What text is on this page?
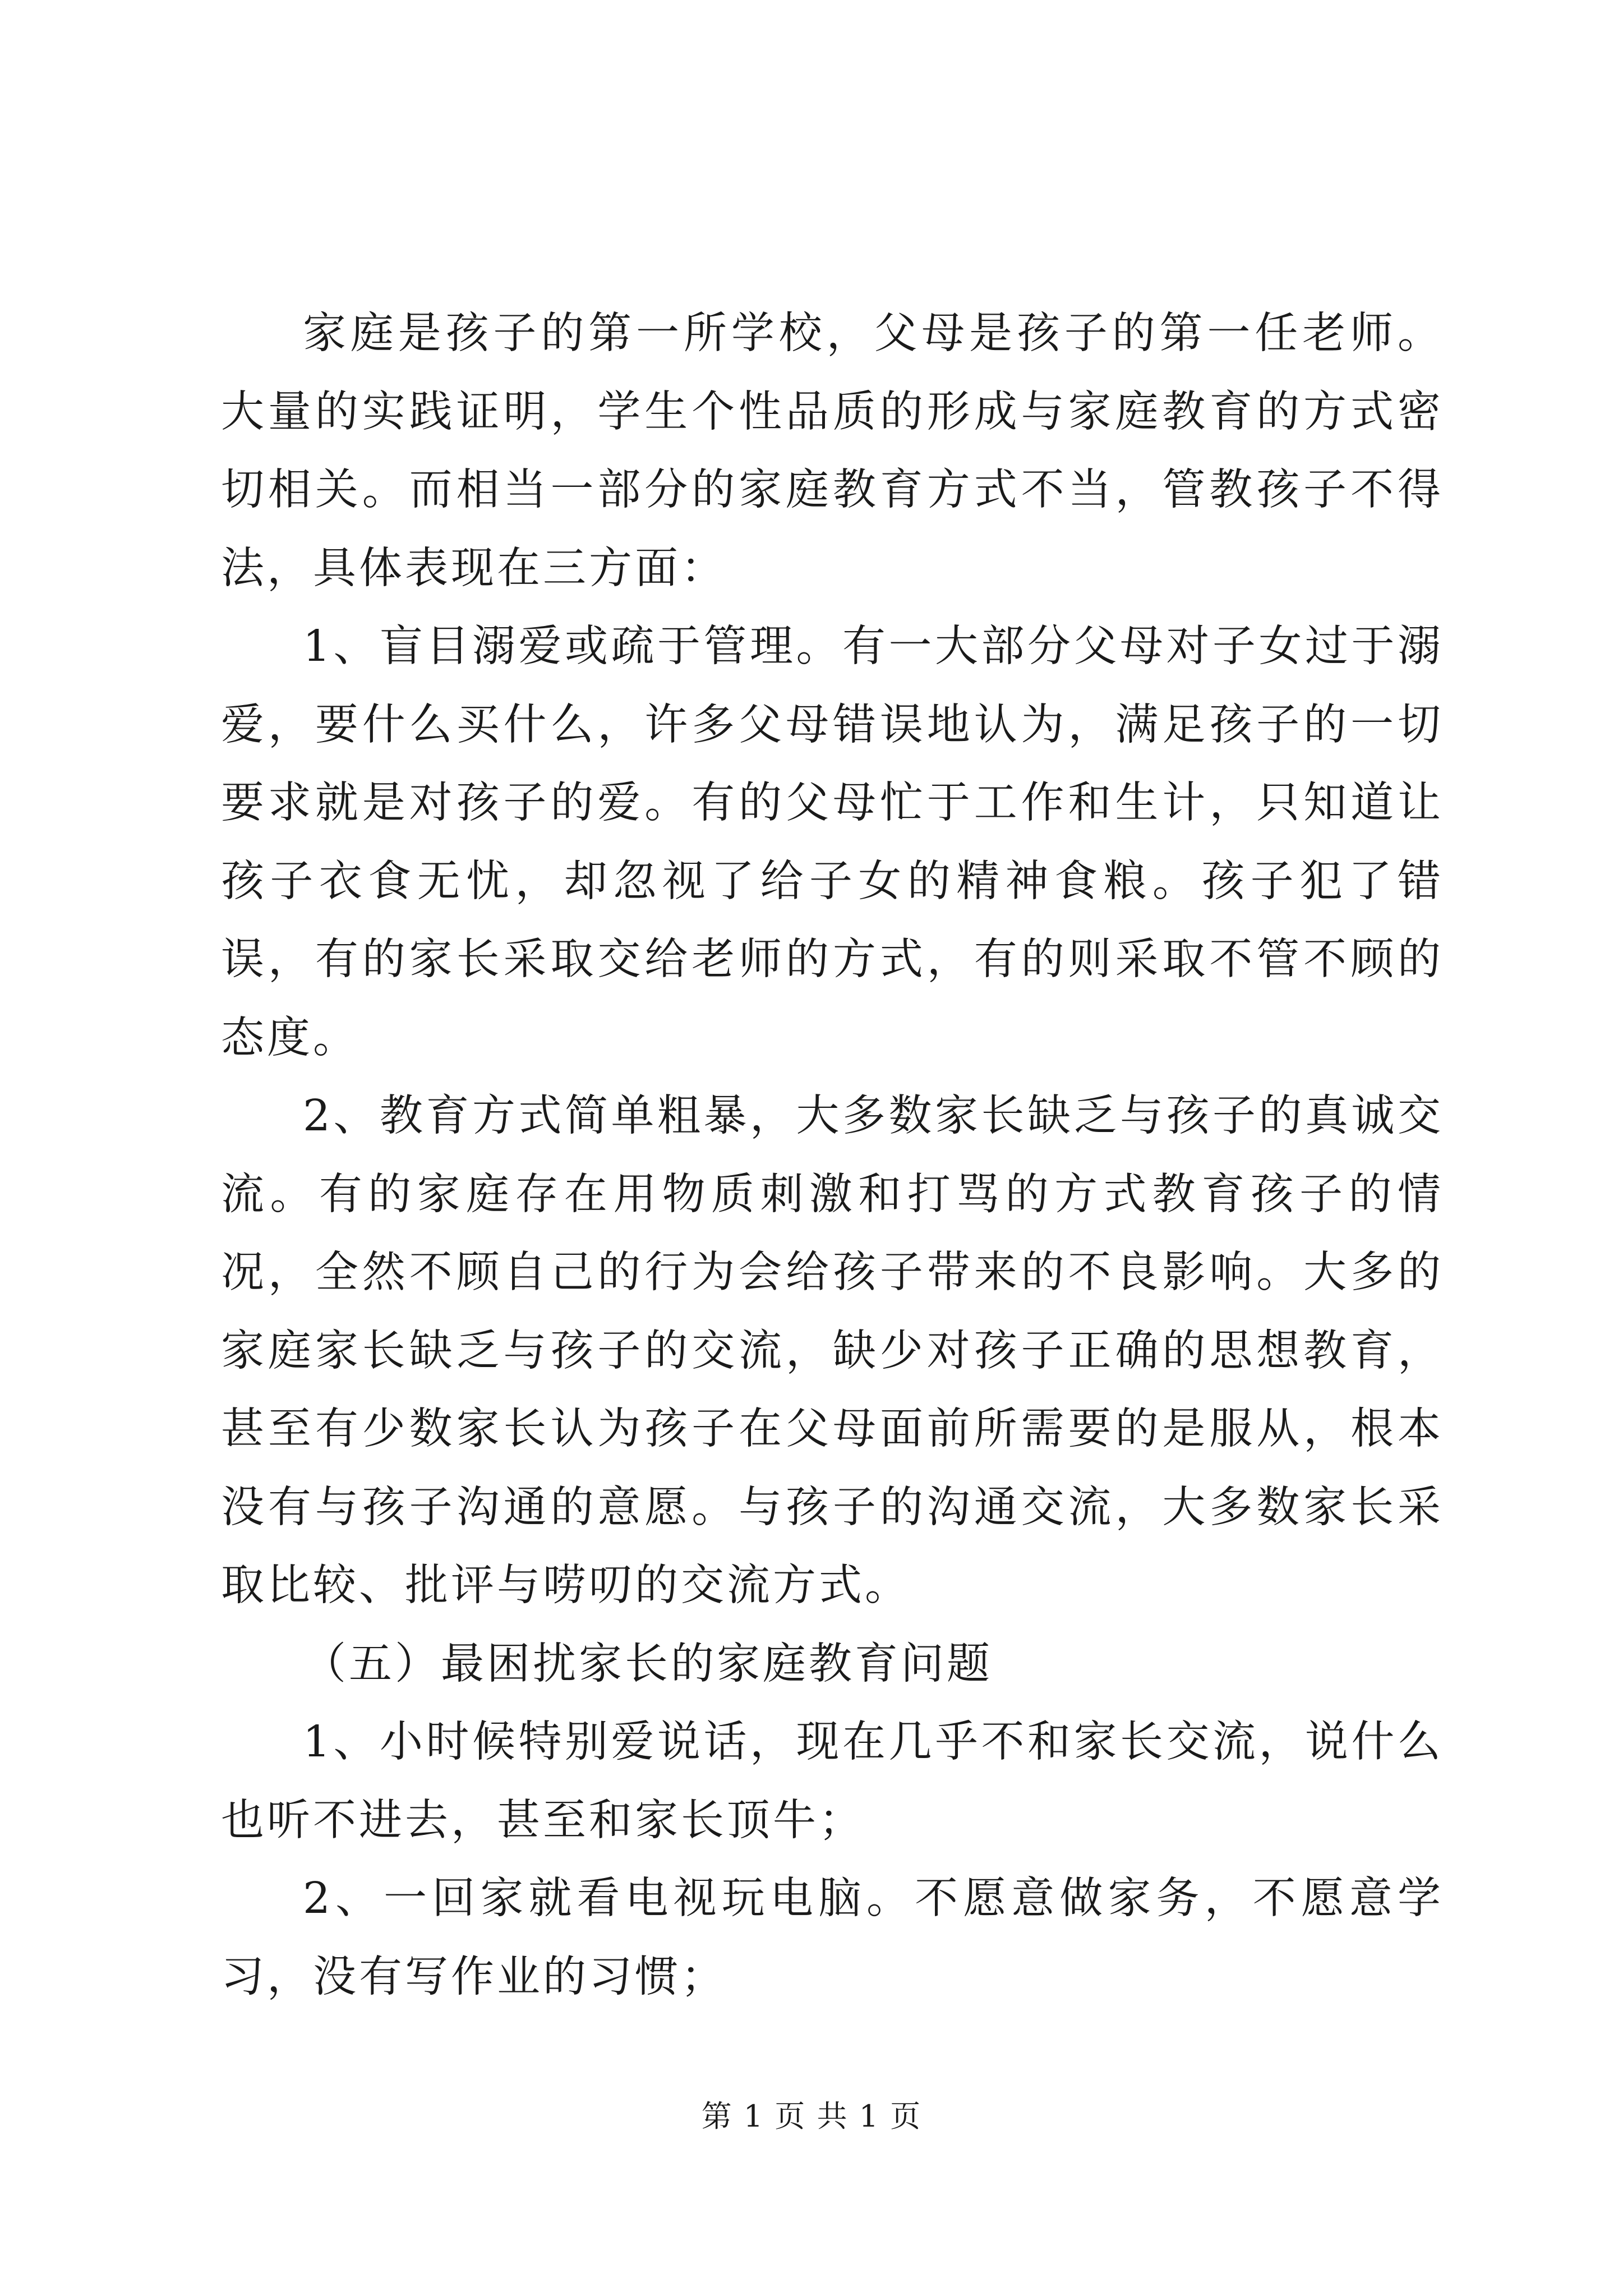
家庭是孩子的第一所学校，父母是孩子的第一任老师。大量的实践证明，学生个性品质的形成与家庭教育的方式密切相关。而相当一部分的家庭教育方式不当，管教孩子不得法，具体表现在三方面：

1、盲目溺爱或疏于管理。有一大部分父母对子女过于溺爱，要什么买什么，许多父母错误地认为，满足孩子的一切要求就是对孩子的爱。有的父母忙于工作和生计，只知道让孩子衣食无忧，却忽视了给子女的精神食粮。孩子犯了错误，有的家长采取交给老师的方式，有的则采取不管不顾的态度。

2、教育方式简单粗暴，大多数家长缺乏与孩子的真诚交流。有的家庭存在用物质刺激和打骂的方式教育孩子的情况，全然不顾自己的行为会给孩子带来的不良影响。大多的家庭家长缺乏与孩子的交流，缺少对孩子正确的思想教育，甚至有少数家长认为孩子在父母面前所需要的是服从，根本没有与孩子沟通的意愿。与孩子的沟通交流，大多数家长采取比较、批评与唠叨的交流方式。

（五）最困扰家长的家庭教育问题

1、小时候特别爱说话，现在几乎不和家长交流，说什么也听不进去，甚至和家长顶牛；

2、一回家就看电视玩电脑。不愿意做家务，不愿意学习，没有写作业的习惯；

第 1 页 共 1 页
